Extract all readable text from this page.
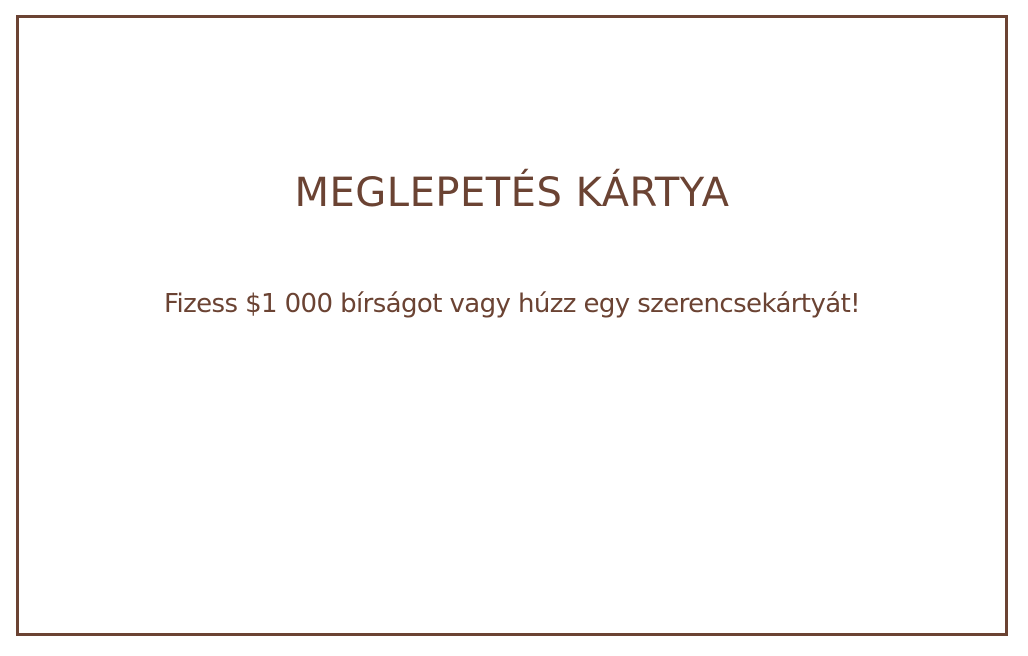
MEGLEPETÉS KÁRTYA

Fizess $1 000 bírságot vagy húzz egy szerencsekártyát!
